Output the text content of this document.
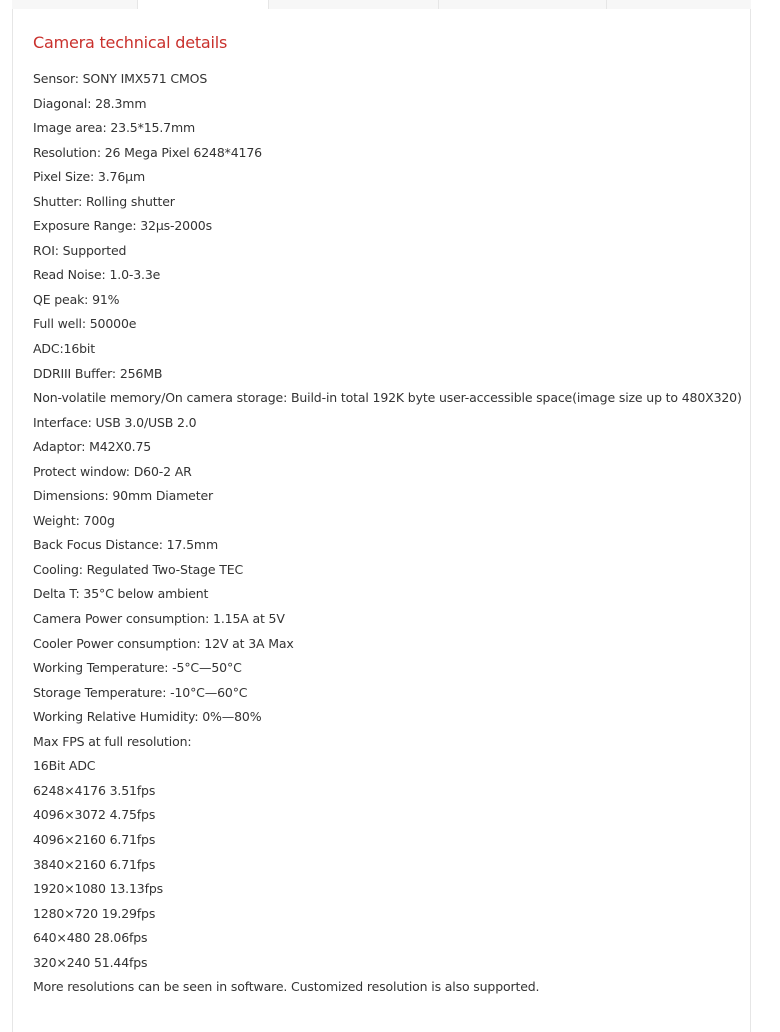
Camera technical details
Sensor: SONY IMX571 CMOS
Diagonal: 28.3mm
Image area: 23.5*15.7mm
Resolution: 26 Mega Pixel 6248*4176
Pixel Size: 3.76μm
Shutter: Rolling shutter
Exposure Range: 32μs-2000s
ROI: Supported
Read Noise: 1.0-3.3e
QE peak: 91%
Full well: 50000e
ADC:16bit
DDRIII Buffer: 256MB
Non-volatile memory/On camera storage: Build-in total 192K byte user-accessible space(image size up to 480X320)
Interface: USB 3.0/USB 2.0
Adaptor: M42X0.75
Protect window: D60-2 AR
Dimensions: 90mm Diameter
Weight: 700g
Back Focus Distance: 17.5mm
Cooling: Regulated Two-Stage TEC
Delta T: 35°C below ambient
Camera Power consumption: 1.15A at 5V
Cooler Power consumption: 12V at 3A Max
Working Temperature: -5°C—50°C
Storage Temperature: -10°C—60°C
Working Relative Humidity: 0%—80%
Max FPS at full resolution:
16Bit ADC
6248×4176 3.51fps
4096×3072 4.75fps
4096×2160 6.71fps
3840×2160 6.71fps
1920×1080 13.13fps
1280×720 19.29fps
640×480 28.06fps
320×240 51.44fps
More resolutions can be seen in software. Customized resolution is also supported.
